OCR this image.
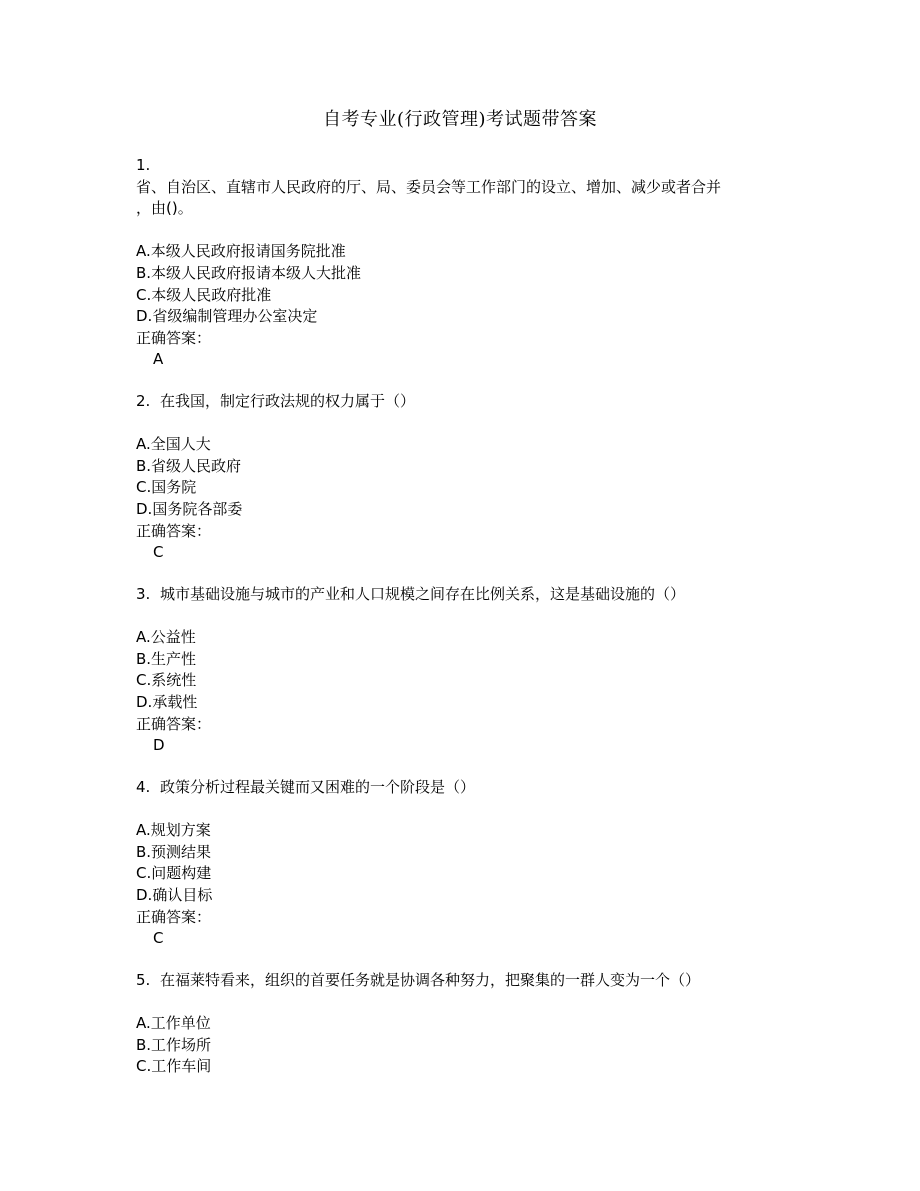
自考专业(行政管理)考试题带答案
1.
省、自治区、直辖市人民政府的厅、局、委员会等工作部门的设立、增加、减少或者合并
，由()。
A.本级人民政府报请国务院批准
B.本级人民政府报请本级人大批准
C.本级人民政府批准
D.省级编制管理办公室决定
正确答案：
A
2. 在我国，制定行政法规的权力属于（）
A.全国人大
B.省级人民政府
C.国务院
D.国务院各部委
正确答案：
C
3. 城市基础设施与城市的产业和人口规模之间存在比例关系，这是基础设施的（）
A.公益性
B.生产性
C.系统性
D.承载性
正确答案：
D
4. 政策分析过程最关键而又困难的一个阶段是（）
A.规划方案
B.预测结果
C.问题构建
D.确认目标
正确答案：
C
5. 在福莱特看来，组织的首要任务就是协调各种努力，把聚集的一群人变为一个（）
A.工作单位
B.工作场所
C.工作车间
